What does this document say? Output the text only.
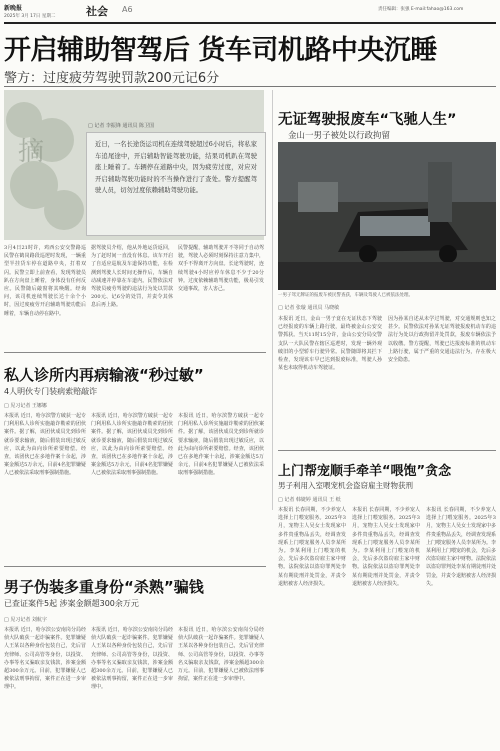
新晚报
2025年 3月 17日 星期二	社会 A6	责任编辑：张强 E-mail:fahao@163.com
开启辅助智驾后 货车司机路中央沉睡
警方：过度疲劳驾驶罚款200元记6分
摘
□ 记者 李振锋 通讯员 陈卫国
近日，一名长途货运司机在连续驾驶超过6小时后，将私家车追尾途中，开启辅助智能驾驶功能，结果司机趴在驾驶座上睡着了。车辆停在道路中央，因为疲劳过度，对应对开启辅助驾驶功能时的不当操作进行了查处。警方提醒驾驶人员，切勿过度依赖辅助驾驶功能。
3月4日21时许，鸡西公安交警路巡民警在鹤岗路段巡逻时发现，一辆重型半挂货车停在道路中央，打着双闪。民警立即上前查看，发现驾驶员趴在方向盘上睡着，身体没有任何反应。民警随后敲窗将其唤醒。经询问，该司机连续驾驶长达十余个小时，因过度疲劳开启辅助驾驶功能后睡着，车辆自动停在路中。
据驾驶员介绍，他从外地运货返回，为了赶时间一直没有休息。该车开启了自适应巡航及车道保持功能，在检测到驾驶人长时间无操作后，车辆自动减速并停靠在车道内。民警依法对驾驶员疲劳驾驶的违法行为处以罚款200元、记6分的处罚，并责令其休息后再上路。
民警提醒，辅助驾驶并不等同于自动驾驶，驾驶人必须时刻保持注意力集中，双手不得离开方向盘。长途驾驶时，连续驾驶4小时应停车休息不少于20分钟。过度依赖辅助驾驶功能，极易引发交通事故，害人害己。
无证驾驶报废车“飞驰人生”
金山一男子被处以行政拘留
一男子驾无牌证的报废车被民警查获，车辆及驾驶人已被依法处理。
□ 记者 张璇 通讯员 马晓敏
本报讯 近日，金山一男子竟在无证状态下驾驶已经报废的车辆上路行驶，最终被金山公安交警抓获。当天11时15分许，金山公安分局交警支队一大队民警在辖区巡逻时，发现一辆外观破旧的小型轿车行驶异常。民警随即将其拦下检查，发现该车早已达到报废标准，驾驶人孙某也未取得机动车驾驶证。
因为孙某自述从未学过驾驶，对交通规则也知之甚少。民警依法对孙某无证驾驶报废机动车的违法行为处以行政拘留并处罚款，报废车辆依法予以收缴。警方提醒，驾驶已达报废标准的机动车上路行驶，属于严重的交通违法行为，存在极大安全隐患。
私人诊所内再病输液“秒过敏”
4人明伙专门装病索赔敲诈
□ 见习记者 王娜娜
本报讯 近日，哈尔滨警方破获一起专门利用私人诊所实施敲诈勒索的团伙案件。据了解，该团伙成员先到诊所就诊要求输液，随后假装出现过敏反应，以此为由向诊所索要赔偿。经查，该团伙已在多地作案十余起，涉案金额达5万余元，目前4名犯罪嫌疑人已被依法采取刑事强制措施。
本报讯 近日，哈尔滨警方破获一起专门利用私人诊所实施敲诈勒索的团伙案件。据了解，该团伙成员先到诊所就诊要求输液，随后假装出现过敏反应，以此为由向诊所索要赔偿。经查，该团伙已在多地作案十余起，涉案金额达5万余元，目前4名犯罪嫌疑人已被依法采取刑事强制措施。
本报讯 近日，哈尔滨警方破获一起专门利用私人诊所实施敲诈勒索的团伙案件。据了解，该团伙成员先到诊所就诊要求输液，随后假装出现过敏反应，以此为由向诊所索要赔偿。经查，该团伙已在多地作案十余起，涉案金额达5万余元，目前4名犯罪嫌疑人已被依法采取刑事强制措施。
男子伪装多重身份“杀熟”骗钱
已查证案件5起 涉案金额超300余万元
□ 见习记者 刘航宇
本报讯 近日，哈尔滨公安南岗分局经侦大队破获一起诈骗案件。犯罪嫌疑人王某以各种身份包装自己，先后冒充律师、公司高管等身份，以投资、办事等名义骗取亲友钱款，涉案金额超300余万元。目前，犯罪嫌疑人已被依法刑事拘留，案件正在进一步审理中。
本报讯 近日，哈尔滨公安南岗分局经侦大队破获一起诈骗案件。犯罪嫌疑人王某以各种身份包装自己，先后冒充律师、公司高管等身份，以投资、办事等名义骗取亲友钱款，涉案金额超300余万元。目前，犯罪嫌疑人已被依法刑事拘留，案件正在进一步审理中。
本报讯 近日，哈尔滨公安南岗分局经侦大队破获一起诈骗案件。犯罪嫌疑人王某以各种身份包装自己，先后冒充律师、公司高管等身份，以投资、办事等名义骗取亲友钱款，涉案金额超300余万元。目前，犯罪嫌疑人已被依法刑事拘留，案件正在进一步审理中。
上门帮宠顺手牵羊“喂饱”贪念
男子利用入室喂宠机会盗窃雇主财物获刑
□ 记者 韩婕婷 通讯员 王 纸
本报讯 长春同期，不少养宠人选择上门喂宠服务。2025年3月，宠物主人吴女士发现家中多件贵重物品丢失，经调查发现系上门喂宠服务人员李某所为。李某利用上门喂宠的机会，先后多次盗窃雇主家中财物。法院依法以盗窃罪判处李某有期徒刑并处罚金，并责令退赔被害人经济损失。
本报讯 长春同期，不少养宠人选择上门喂宠服务。2025年3月，宠物主人吴女士发现家中多件贵重物品丢失，经调查发现系上门喂宠服务人员李某所为。李某利用上门喂宠的机会，先后多次盗窃雇主家中财物。法院依法以盗窃罪判处李某有期徒刑并处罚金，并责令退赔被害人经济损失。
本报讯 长春同期，不少养宠人选择上门喂宠服务。2025年3月，宠物主人吴女士发现家中多件贵重物品丢失，经调查发现系上门喂宠服务人员李某所为。李某利用上门喂宠的机会，先后多次盗窃雇主家中财物。法院依法以盗窃罪判处李某有期徒刑并处罚金，并责令退赔被害人经济损失。
